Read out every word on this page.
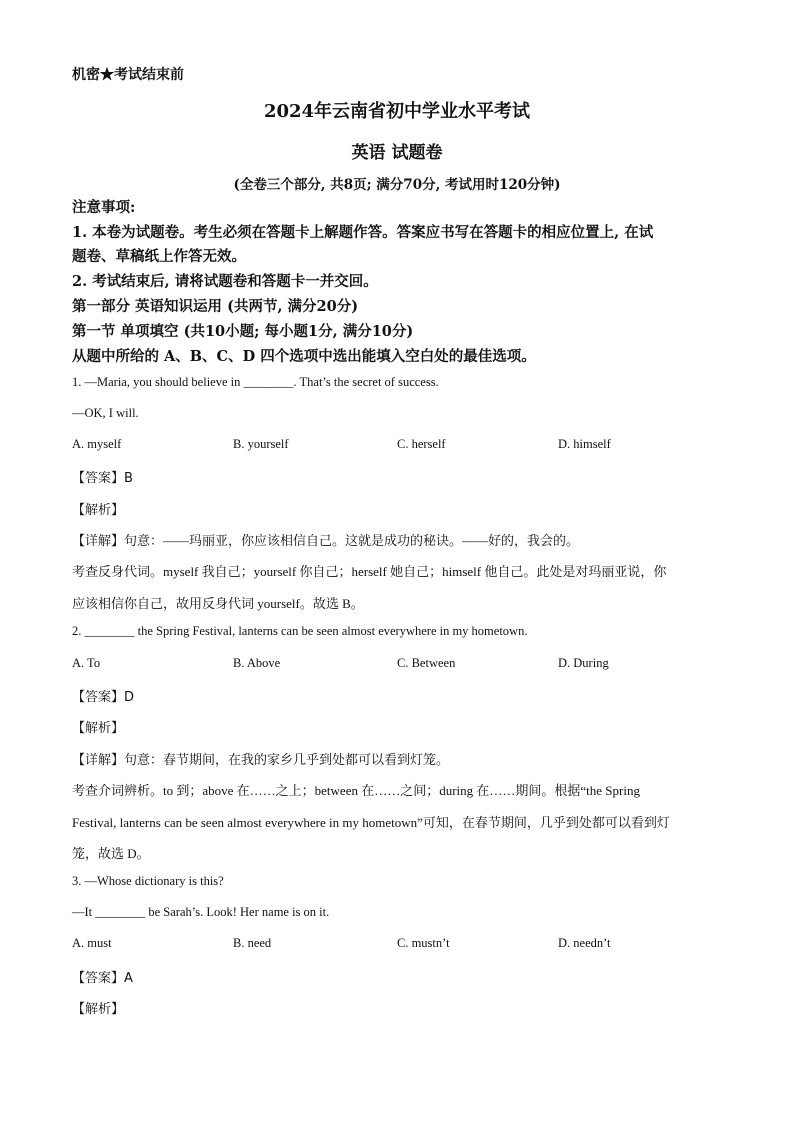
机密★考试结束前
2024年云南省初中学业水平考试
英语 试题卷
(全卷三个部分, 共8页; 满分70分, 考试用时120分钟)
注意事项:
1. 本卷为试题卷。考生必须在答题卡上解题作答。答案应书写在答题卡的相应位置上, 在试
题卷、草稿纸上作答无效。
2. 考试结束后, 请将试题卷和答题卡一并交回。
第一部分 英语知识运用 (共两节, 满分20分)
第一节 单项填空 (共10小题; 每小题1分, 满分10分)
从题中所给的 A、B、C、D 四个选项中选出能填入空白处的最佳选项。
1. —Maria, you should believe in ________. That’s the secret of success.
—OK, I will.
A. myself	B. yourself	C. herself	D. himself
【答案】B
【解析】
【详解】句意：——玛丽亚，你应该相信自己。这就是成功的秘诀。——好的，我会的。
考查反身代词。myself 我自己；yourself 你自己；herself 她自己；himself 他自己。此处是对玛丽亚说，你
应该相信你自己，故用反身代词 yourself。故选 B。
2. ________ the Spring Festival, lanterns can be seen almost everywhere in my hometown.
A. To	B. Above	C. Between	D. During
【答案】D
【解析】
【详解】句意：春节期间，在我的家乡几乎到处都可以看到灯笼。
考查介词辨析。to 到；above 在……之上；between 在……之间；during 在……期间。根据“the Spring
Festival, lanterns can be seen almost everywhere in my hometown”可知，在春节期间，几乎到处都可以看到灯
笼，故选 D。
3. —Whose dictionary is this?
—It ________ be Sarah’s. Look! Her name is on it.
A. must	B. need	C. mustn’t	D. needn’t
【答案】A
【解析】
